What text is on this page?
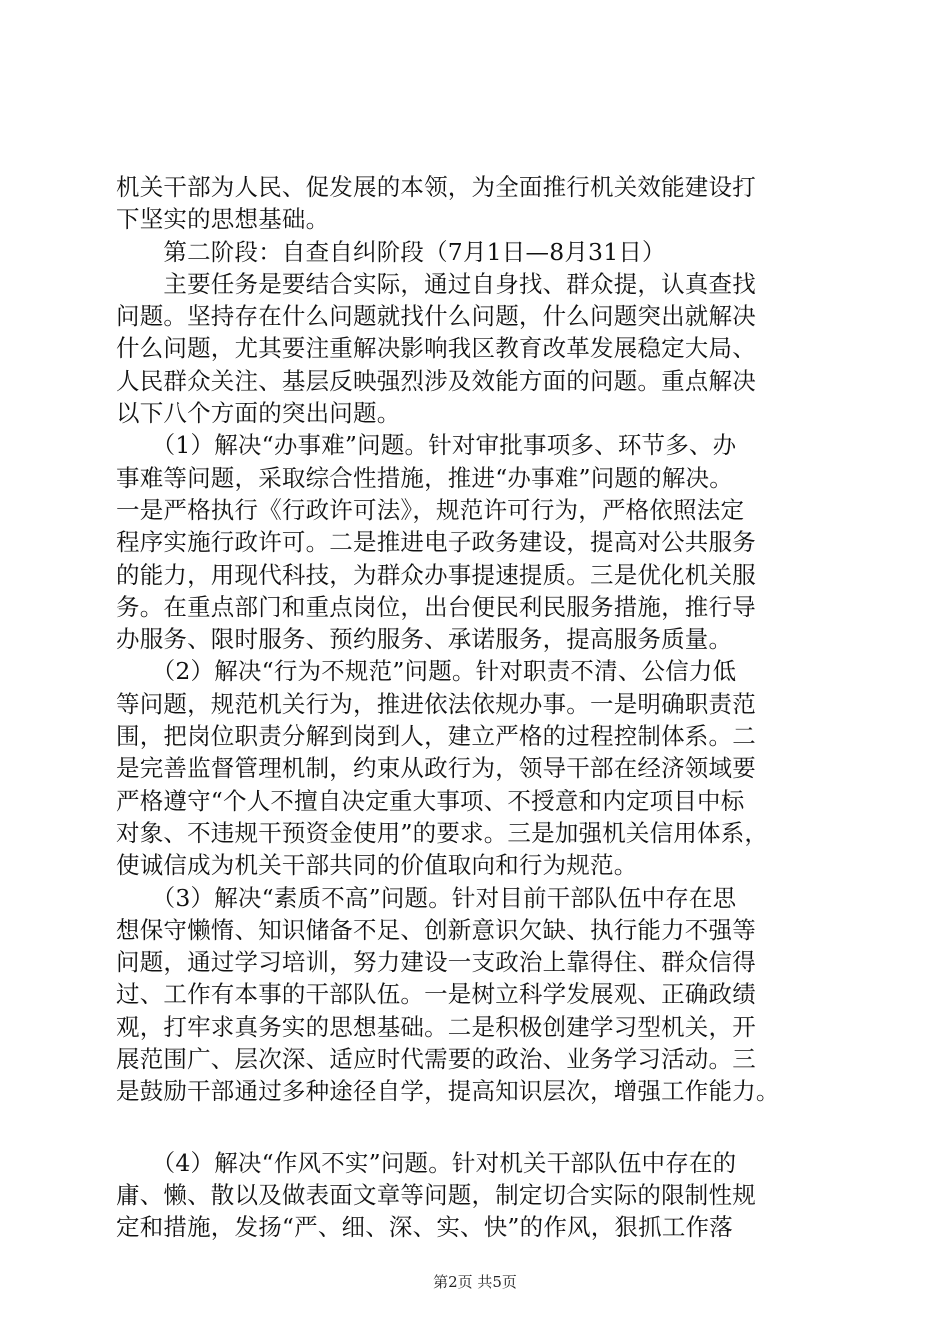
机关干部为人民、促发展的本领，为全面推行机关效能建设打
下坚实的思想基础。
　　第二阶段：自查自纠阶段（7月1日—8月31日）
　　主要任务是要结合实际，通过自身找、群众提，认真查找
问题。坚持存在什么问题就找什么问题，什么问题突出就解决
什么问题，尤其要注重解决影响我区教育改革发展稳定大局、
人民群众关注、基层反映强烈涉及效能方面的问题。重点解决
以下八个方面的突出问题。
　　（1）解决“办事难”问题。针对审批事项多、环节多、办
事难等问题，采取综合性措施，推进“办事难”问题的解决。
一是严格执行《行政许可法》，规范许可行为，严格依照法定
程序实施行政许可。二是推进电子政务建设，提高对公共服务
的能力，用现代科技，为群众办事提速提质。三是优化机关服
务。在重点部门和重点岗位，出台便民利民服务措施，推行导
办服务、限时服务、预约服务、承诺服务，提高服务质量。
　　（2）解决“行为不规范”问题。针对职责不清、公信力低
等问题，规范机关行为，推进依法依规办事。一是明确职责范
围，把岗位职责分解到岗到人，建立严格的过程控制体系。二
是完善监督管理机制，约束从政行为，领导干部在经济领域要
严格遵守“个人不擅自决定重大事项、不授意和内定项目中标
对象、不违规干预资金使用”的要求。三是加强机关信用体系，
使诚信成为机关干部共同的价值取向和行为规范。
　　（3）解决“素质不高”问题。针对目前干部队伍中存在思
想保守懒惰、知识储备不足、创新意识欠缺、执行能力不强等
问题，通过学习培训，努力建设一支政治上靠得住、群众信得
过、工作有本事的干部队伍。一是树立科学发展观、正确政绩
观，打牢求真务实的思想基础。二是积极创建学习型机关，开
展范围广、层次深、适应时代需要的政治、业务学习活动。三
是鼓励干部通过多种途径自学，提高知识层次，增强工作能力。
　　（4）解决“作风不实”问题。针对机关干部队伍中存在的
庸、懒、散以及做表面文章等问题，制定切合实际的限制性规
定和措施，发扬“严、细、深、实、快”的作风，狠抓工作落
第2页 共5页
